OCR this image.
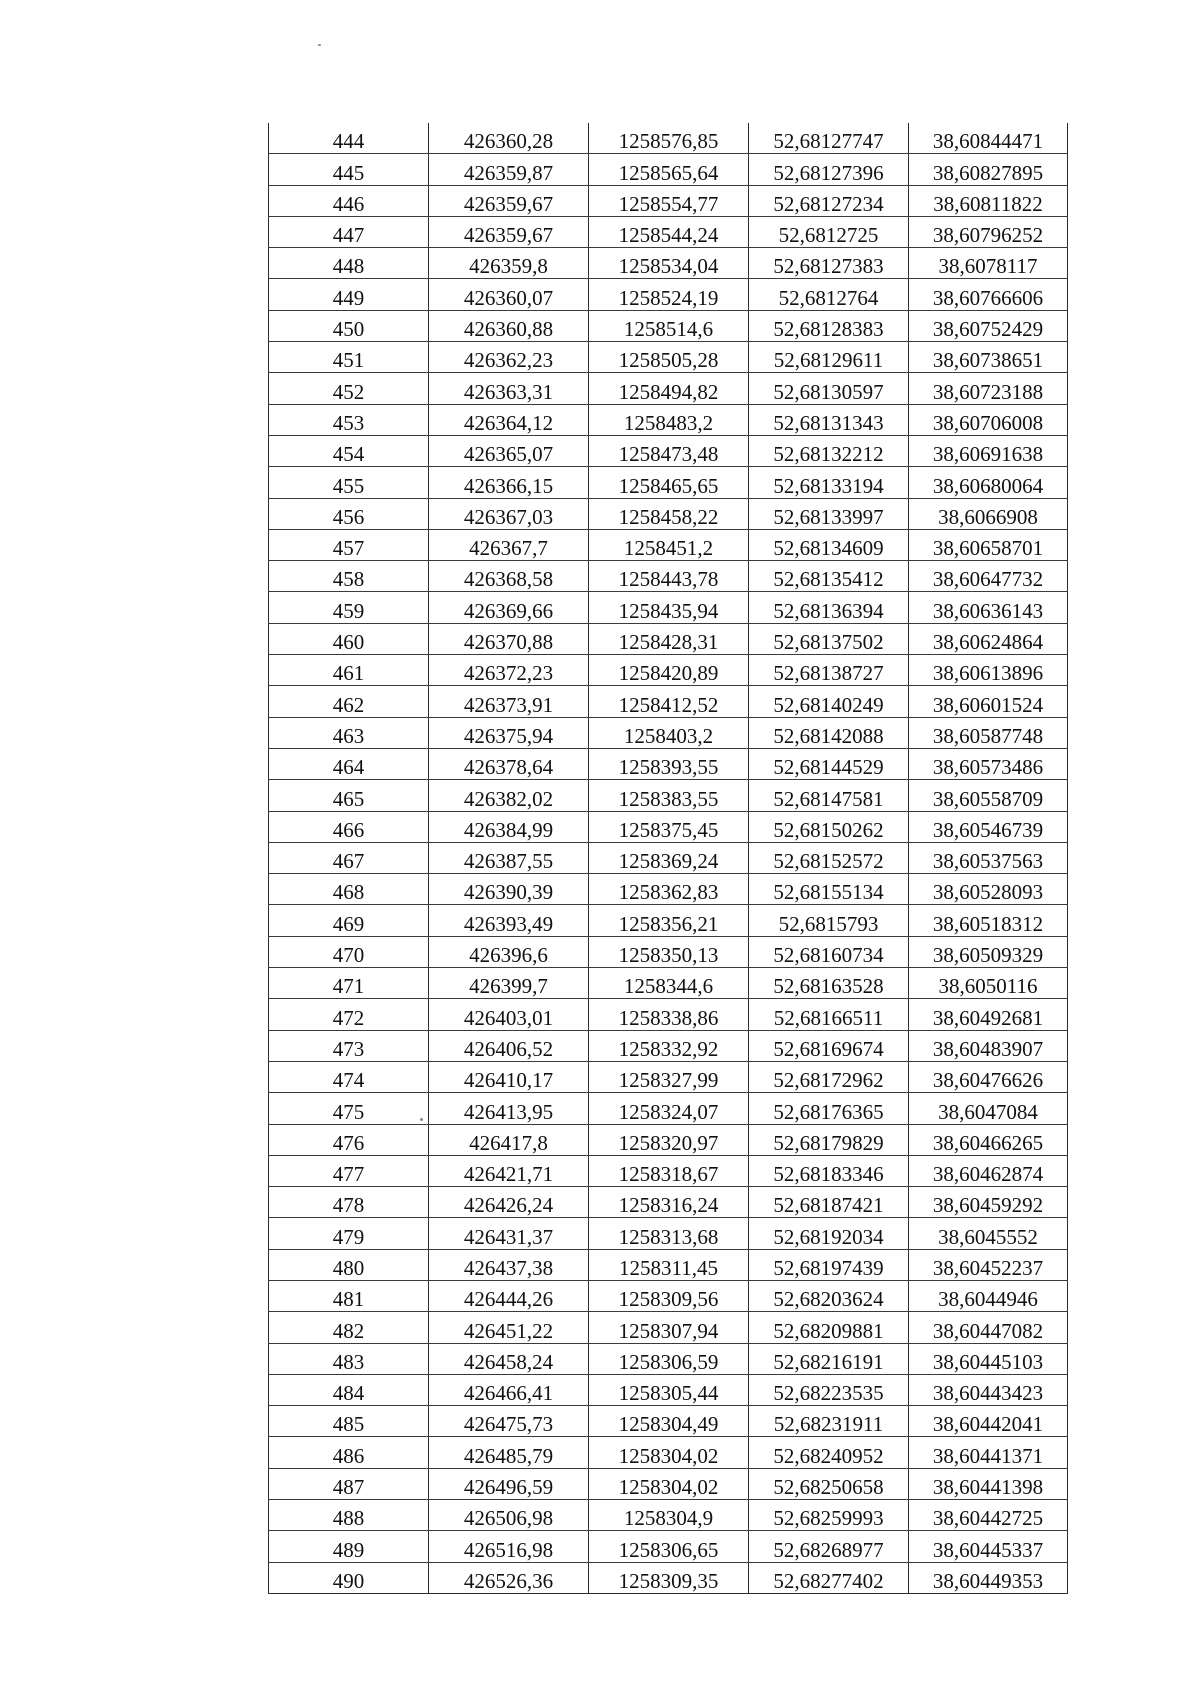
444	426360,28	1258576,85	52,68127747	38,60844471
445	426359,87	1258565,64	52,68127396	38,60827895
446	426359,67	1258554,77	52,68127234	38,60811822
447	426359,67	1258544,24	52,6812725	38,60796252
448	426359,8	1258534,04	52,68127383	38,6078117
449	426360,07	1258524,19	52,6812764	38,60766606
450	426360,88	1258514,6	52,68128383	38,60752429
451	426362,23	1258505,28	52,68129611	38,60738651
452	426363,31	1258494,82	52,68130597	38,60723188
453	426364,12	1258483,2	52,68131343	38,60706008
454	426365,07	1258473,48	52,68132212	38,60691638
455	426366,15	1258465,65	52,68133194	38,60680064
456	426367,03	1258458,22	52,68133997	38,6066908
457	426367,7	1258451,2	52,68134609	38,60658701
458	426368,58	1258443,78	52,68135412	38,60647732
459	426369,66	1258435,94	52,68136394	38,60636143
460	426370,88	1258428,31	52,68137502	38,60624864
461	426372,23	1258420,89	52,68138727	38,60613896
462	426373,91	1258412,52	52,68140249	38,60601524
463	426375,94	1258403,2	52,68142088	38,60587748
464	426378,64	1258393,55	52,68144529	38,60573486
465	426382,02	1258383,55	52,68147581	38,60558709
466	426384,99	1258375,45	52,68150262	38,60546739
467	426387,55	1258369,24	52,68152572	38,60537563
468	426390,39	1258362,83	52,68155134	38,60528093
469	426393,49	1258356,21	52,6815793	38,60518312
470	426396,6	1258350,13	52,68160734	38,60509329
471	426399,7	1258344,6	52,68163528	38,6050116
472	426403,01	1258338,86	52,68166511	38,60492681
473	426406,52	1258332,92	52,68169674	38,60483907
474	426410,17	1258327,99	52,68172962	38,60476626
475	426413,95	1258324,07	52,68176365	38,6047084
476	426417,8	1258320,97	52,68179829	38,60466265
477	426421,71	1258318,67	52,68183346	38,60462874
478	426426,24	1258316,24	52,68187421	38,60459292
479	426431,37	1258313,68	52,68192034	38,6045552
480	426437,38	1258311,45	52,68197439	38,60452237
481	426444,26	1258309,56	52,68203624	38,6044946
482	426451,22	1258307,94	52,68209881	38,60447082
483	426458,24	1258306,59	52,68216191	38,60445103
484	426466,41	1258305,44	52,68223535	38,60443423
485	426475,73	1258304,49	52,68231911	38,60442041
486	426485,79	1258304,02	52,68240952	38,60441371
487	426496,59	1258304,02	52,68250658	38,60441398
488	426506,98	1258304,9	52,68259993	38,60442725
489	426516,98	1258306,65	52,68268977	38,60445337
490	426526,36	1258309,35	52,68277402	38,60449353
